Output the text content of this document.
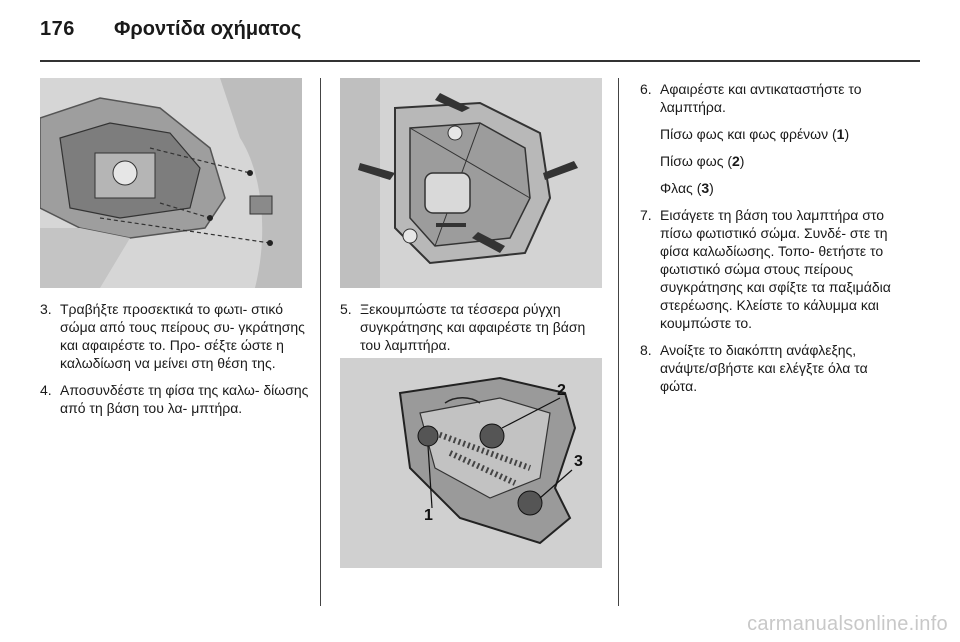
176 Φροντίδα οχήματος
1
2
3
3. Τραβήξτε προσεκτικά το φωτι- στικό σώμα από τους πείρους συ- γκράτησης και αφαιρέστε το. Προ- σέξτε ώστε η καλωδίωση να μείνει στη θέση της.
4. Αποσυνδέστε τη φίσα της καλω- δίωσης από τη βάση του λα- μπτήρα.
5. Ξεκουμπώστε τα τέσσερα ρύγχη συγκράτησης και αφαιρέστε τη βάση του λαμπτήρα.
6. Αφαιρέστε και αντικαταστήστε το λαμπτήρα.
Πίσω φως και φως φρένων (1)
Πίσω φως (2)
Φλας (3)
7. Εισάγετε τη βάση του λαμπτήρα στο πίσω φωτιστικό σώμα. Συνδέ- στε τη φίσα καλωδίωσης. Τοπο- θετήστε το φωτιστικό σώμα στους πείρους συγκράτησης και σφίξτε τα παξιμάδια στερέωσης. Κλείστε το κάλυμμα και κουμπώστε το.
8. Ανοίξτε το διακόπτη ανάφλεξης, ανάψτε/σβήστε και ελέγξτε όλα τα φώτα.
carmanualsonline.info
